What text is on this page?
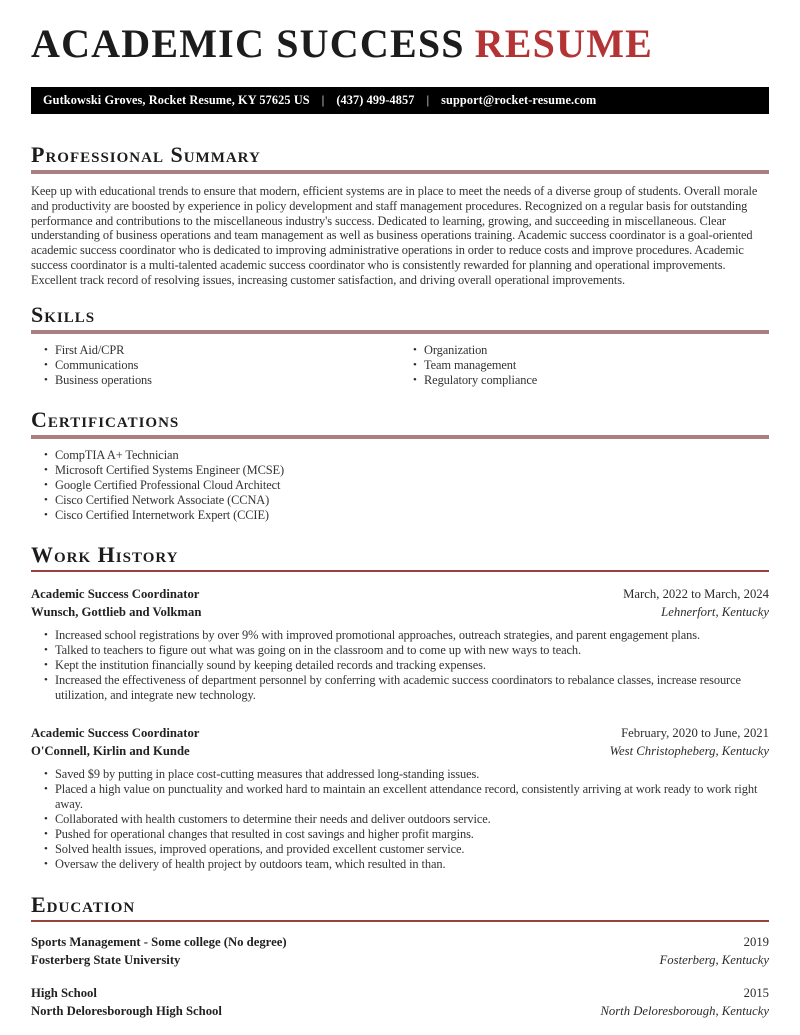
ACADEMIC SUCCESS RESUME
Gutkowski Groves, Rocket Resume, KY 57625 US | (437) 499-4857 | support@rocket-resume.com
Professional Summary

Keep up with educational trends to ensure that modern, efficient systems are in place to meet the needs of a diverse group of students. Overall morale and productivity are boosted by experience in policy development and staff management procedures. Recognized on a regular basis for outstanding performance and contributions to the miscellaneous industry's success. Dedicated to learning, growing, and succeeding in miscellaneous. Clear understanding of business operations and team management as well as business operations training. Academic success coordinator is a goal-oriented academic success coordinator who is dedicated to improving administrative operations in order to reduce costs and improve procedures. Academic success coordinator is a multi-talented academic success coordinator who is consistently rewarded for planning and operational improvements. Excellent track record of resolving issues, increasing customer satisfaction, and driving overall operational improvements.

Skills
• First Aid/CPR
• Communications
• Business operations
• Organization
• Team management
• Regulatory compliance
Certifications
• CompTIA A+ Technician
• Microsoft Certified Systems Engineer (MCSE)
• Google Certified Professional Cloud Architect
• Cisco Certified Network Associate (CCNA)
• Cisco Certified Internetwork Expert (CCIE)
Work History
Academic Success Coordinator	March, 2022 to March, 2024
Wunsch, Gottlieb and Volkman	Lehnerfort, Kentucky
• Increased school registrations by over 9% with improved promotional approaches, outreach strategies, and parent engagement plans.
• Talked to teachers to figure out what was going on in the classroom and to come up with new ways to teach.
• Kept the institution financially sound by keeping detailed records and tracking expenses.
• Increased the effectiveness of department personnel by conferring with academic success coordinators to rebalance classes, increase resource utilization, and integrate new technology.
Academic Success Coordinator	February, 2020 to June, 2021
O'Connell, Kirlin and Kunde	West Christopheberg, Kentucky
• Saved $9 by putting in place cost-cutting measures that addressed long-standing issues.
• Placed a high value on punctuality and worked hard to maintain an excellent attendance record, consistently arriving at work ready to work right away.
• Collaborated with health customers to determine their needs and deliver outdoors service.
• Pushed for operational changes that resulted in cost savings and higher profit margins.
• Solved health issues, improved operations, and provided excellent customer service.
• Oversaw the delivery of health project by outdoors team, which resulted in than.
Education
Sports Management - Some college (No degree)	2019
Fosterberg State University	Fosterberg, Kentucky
High School	2015
North Deloresborough High School	North Deloresborough, Kentucky
